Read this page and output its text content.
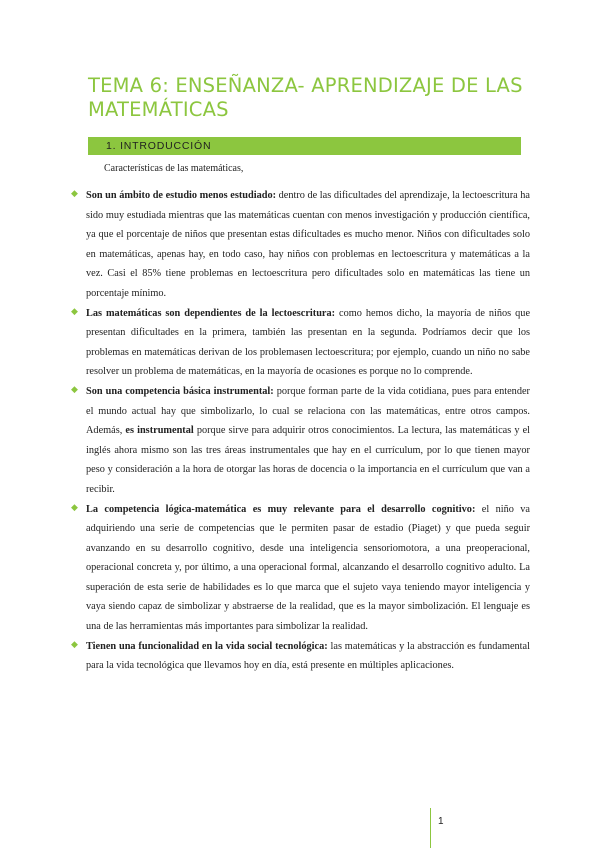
TEMA 6: ENSEÑANZA- APRENDIZAJE DE LAS MATEMÁTICAS
1. INTRODUCCIÓN
Características de las matemáticas,
◆ Son un ámbito de estudio menos estudiado: dentro de las dificultades del aprendizaje, la lectoescritura ha sido muy estudiada mientras que las matemáticas cuentan con menos investigación y producción científica, ya que el porcentaje de niños que presentan estas dificultades es mucho menor. Niños con dificultades solo en matemáticas, apenas hay, en todo caso, hay niños con problemas en lectoescritura y matemáticas a la vez. Casi el 85% tiene problemas en lectoescritura pero dificultades solo en matemáticas las tiene un porcentaje mínimo.

◆ Las matemáticas son dependientes de la lectoescritura: como hemos dicho, la mayoría de niños que presentan dificultades en la primera, también las presentan en la segunda. Podríamos decir que los problemas en matemáticas derivan de los problemasen lectoescritura; por ejemplo, cuando un niño no sabe resolver un problema de matemáticas, en la mayoría de ocasiones es porque no lo comprende.

◆ Son una competencia básica instrumental: porque forman parte de la vida cotidiana, pues para entender el mundo actual hay que simbolizarlo, lo cual se relaciona con las matemáticas, entre otros campos. Además, es instrumental porque sirve para adquirir otros conocimientos. La lectura, las matemáticas y el inglés ahora mismo son las tres áreas instrumentales que hay en el currículum, por lo que tienen mayor peso y consideración a la hora de otorgar las horas de docencia o la importancia en el currículum que van a recibir.

◆ La competencia lógica-matemática es muy relevante para el desarrollo cognitivo: el niño va adquiriendo una serie de competencias que le permiten pasar de estadio (Piaget) y que pueda seguir avanzando en su desarrollo cognitivo, desde una inteligencia sensoriomotora, a una preoperacional, operacional concreta y, por último, a una operacional formal, alcanzando el desarrollo cognitivo adulto. La superación de esta serie de habilidades es lo que marca que el sujeto vaya teniendo mayor inteligencia y vaya siendo capaz de simbolizar y abstraerse de la realidad, que es la mayor simbolización. El lenguaje es una de las herramientas más importantes para simbolizar la realidad.

◆ Tienen una funcionalidad en la vida social tecnológica: las matemáticas y la abstracción es fundamental para la vida tecnológica que llevamos hoy en día, está presente en múltiples aplicaciones.

1
